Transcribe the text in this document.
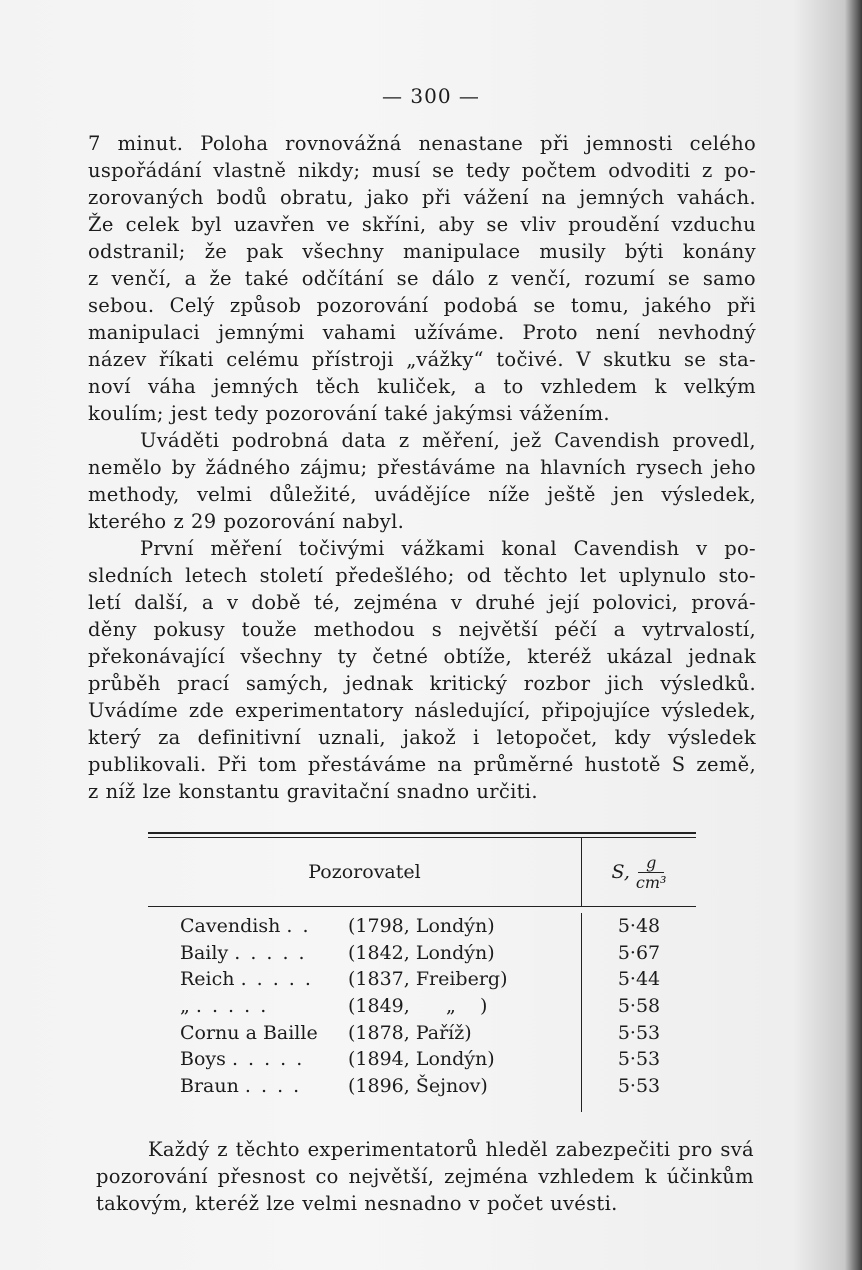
— 300 —
7 minut. Poloha rovnovážná nenastane při jemnosti celého
uspořádání vlastně nikdy; musí se tedy počtem odvoditi z po-
zorovaných bodů obratu, jako při vážení na jemných vahách.
Že celek byl uzavřen ve skříni, aby se vliv proudění vzduchu
odstranil; že pak všechny manipulace musily býti konány
z venčí, a že také odčítání se dálo z venčí, rozumí se samo
sebou. Celý způsob pozorování podobá se tomu, jakého při
manipulaci jemnými vahami užíváme. Proto není nevhodný
název říkati celému přístroji „vážky“ točivé. V skutku se sta-
noví váha jemných těch kuliček, a to vzhledem k velkým
koulím; jest tedy pozorování také jakýmsi vážením.
Uváděti podrobná data z měření, jež Cavendish provedl,
nemělo by žádného zájmu; přestáváme na hlavních rysech jeho
methody, velmi důležité, uvádějíce níže ještě jen výsledek,
kterého z 29 pozorování nabyl.
První měření točivými vážkami konal Cavendish v po-
sledních letech století předešlého; od těchto let uplynulo sto-
letí další, a v době té, zejména v druhé její polovici, prová-
děny pokusy touže methodou s největší péčí a vytrvalostí,
překonávající všechny ty četné obtíže, kteréž ukázal jednak
průběh prací samých, jednak kritický rozbor jich výsledků.
Uvádíme zde experimentatory následující, připojujíce výsledek,
který za definitivní uznali, jakož i letopočet, kdy výsledek
publikovali. Při tom přestáváme na průměrné hustotě S země,
z níž lze konstantu gravitační snadno určiti.
Pozorovatel	S, $\frac{g}{\text{cm³}}$
Cavendish . . (1798, Londýn)
Baily . . . . . (1842, Londýn)
Reich . . . . . (1837, Freiberg)
„ . . . . .	(1849,      „    )
Cornu a Baille (1878, Paříž)
Boys . . . . . (1894, Londýn)
Braun . . . . (1896, Šejnov)
5·48
5·67
5·44
5·58
5·53
5·53
5·53
Každý z těchto experimentatorů hleděl zabezpečiti pro svá
pozorování přesnost co největší, zejména vzhledem k účinkům
takovým, kteréž lze velmi nesnadno v počet uvésti.
